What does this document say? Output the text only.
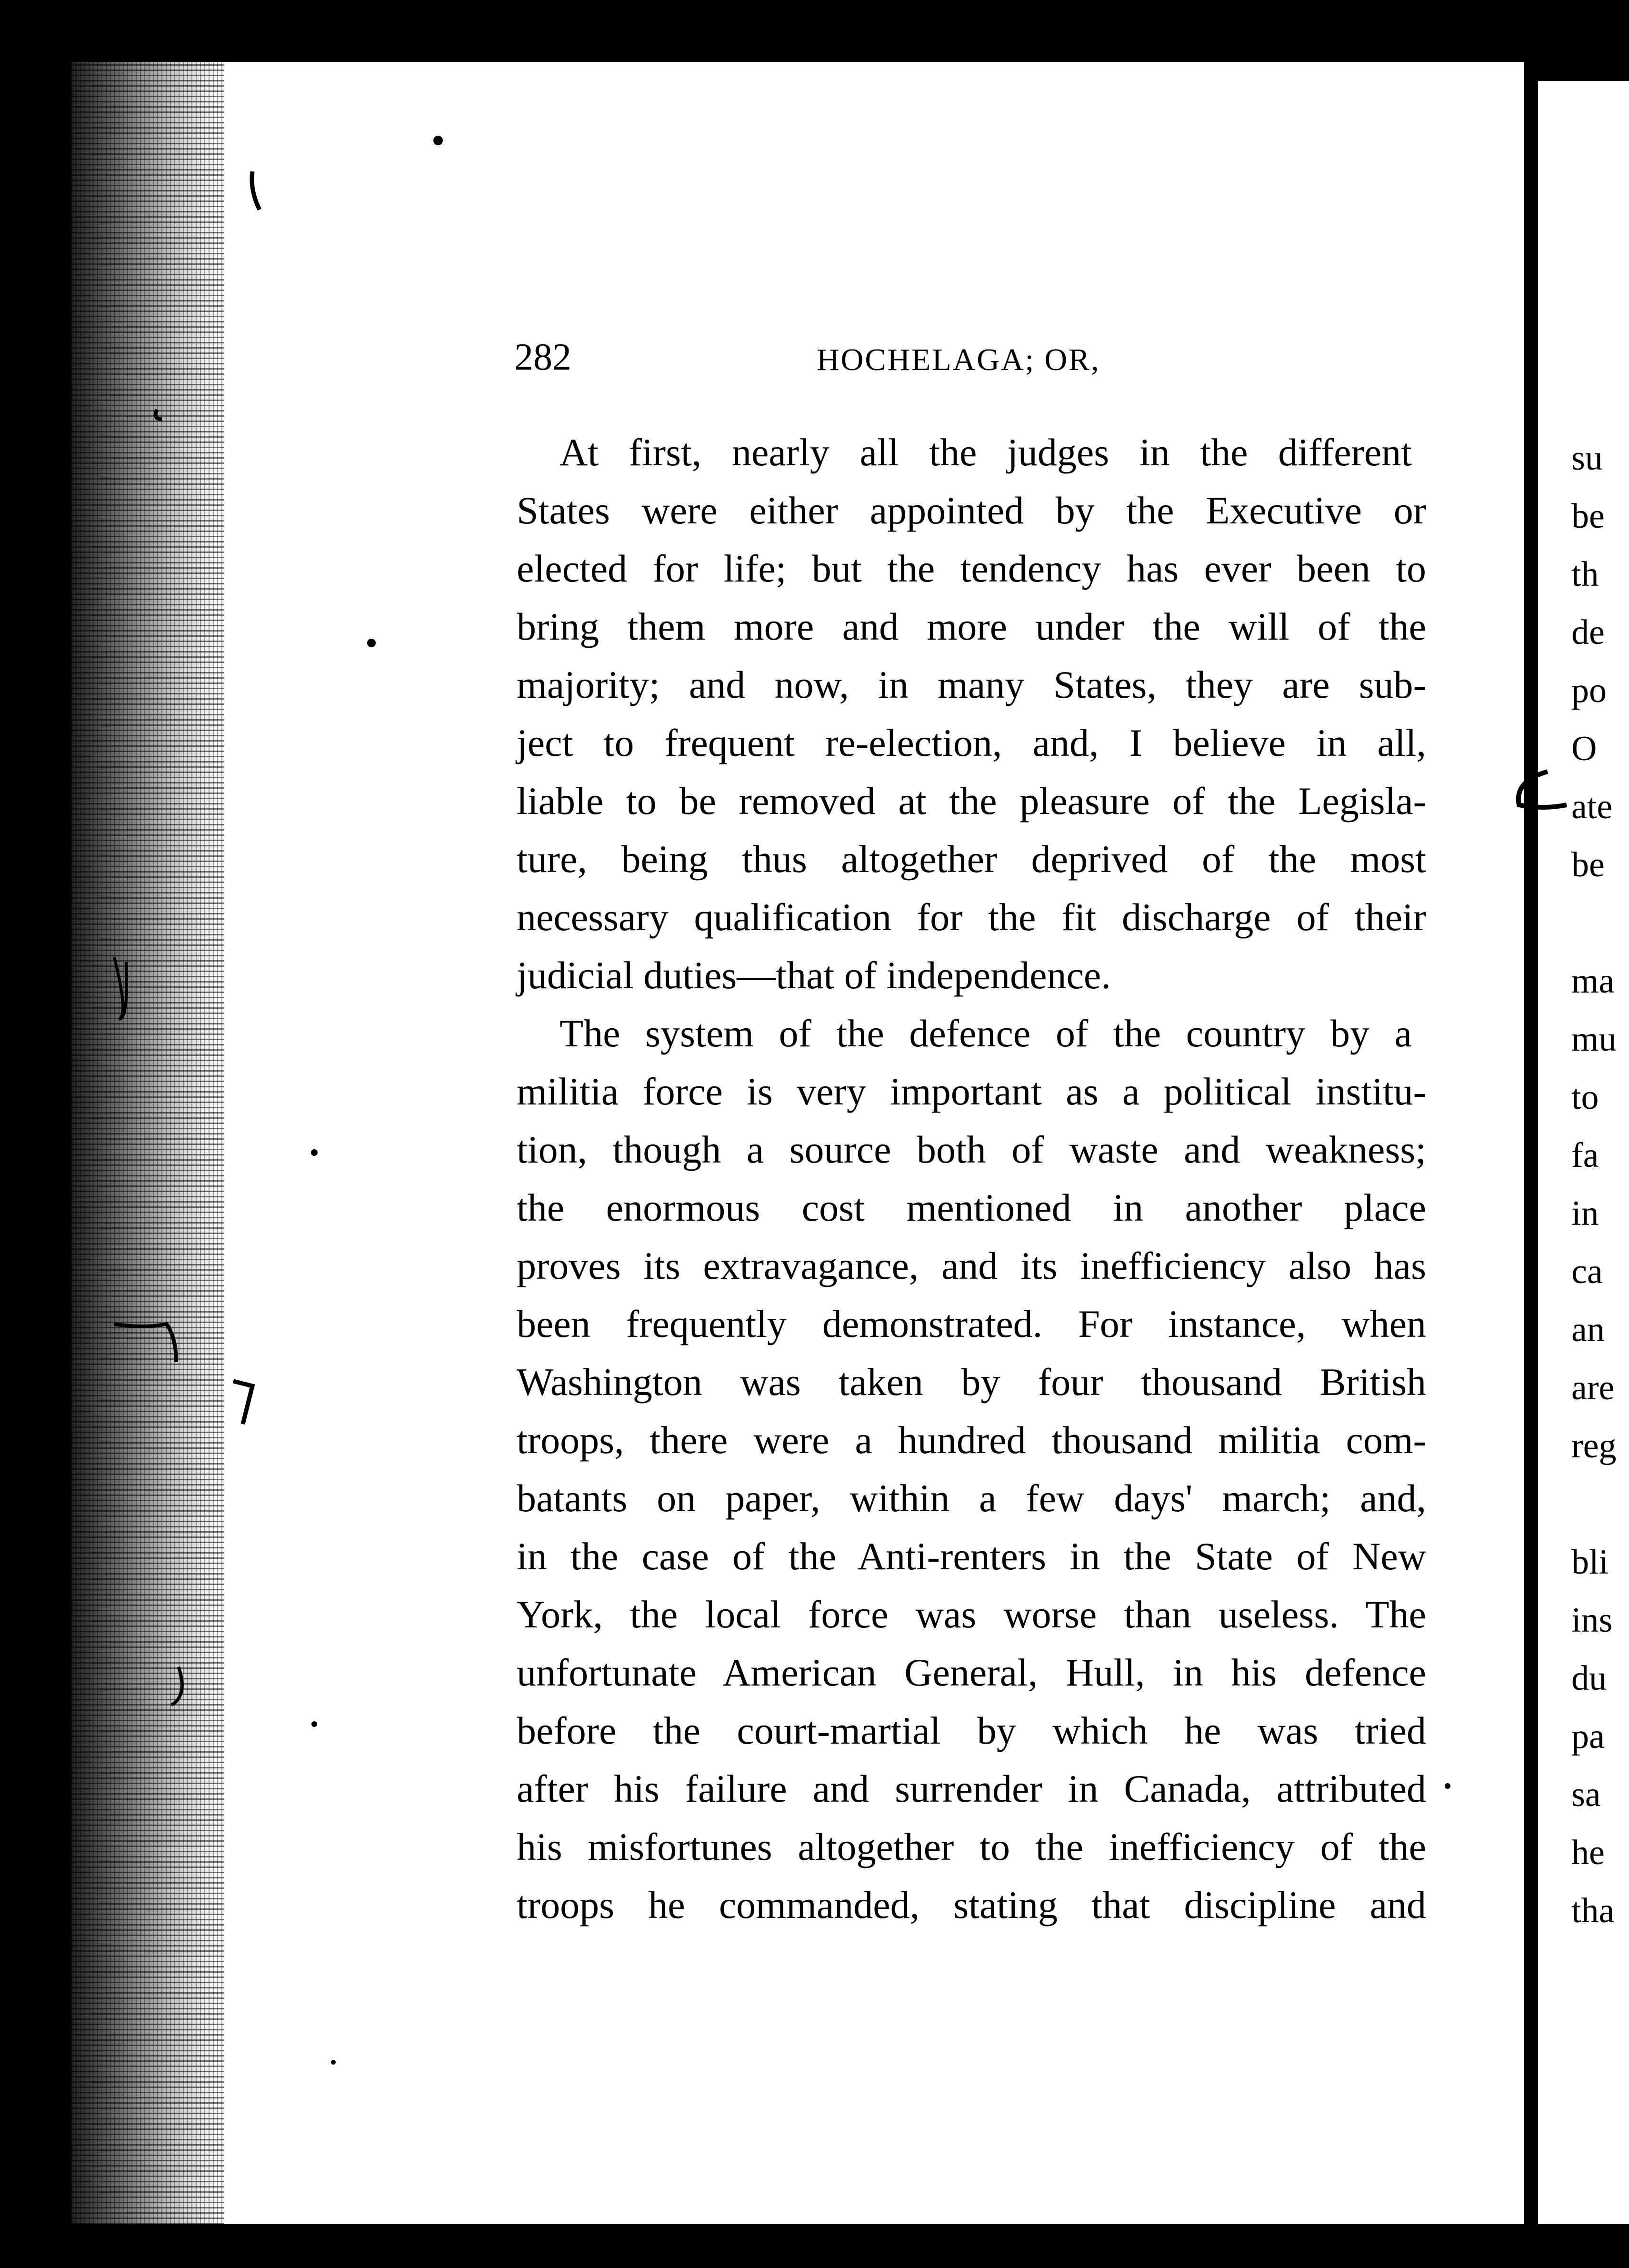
282	HOCHELAGA; OR,
At first, nearly all the judges in the different
States were either appointed by the Executive or
elected for life; but the tendency has ever been to
bring them more and more under the will of the
majority; and now, in many States, they are sub-
ject to frequent re-election, and, I believe in all,
liable to be removed at the pleasure of the Legisla-
ture, being thus altogether deprived of the most
necessary qualification for the fit discharge of their
judicial duties—that of independence.
The system of the defence of the country by a
militia force is very important as a political institu-
tion, though a source both of waste and weakness;
the enormous cost mentioned in another place
proves its extravagance, and its inefficiency also has
been frequently demonstrated. For instance, when
Washington was taken by four thousand British
troops, there were a hundred thousand militia com-
batants on paper, within a few days' march; and,
in the case of the Anti-renters in the State of New
York, the local force was worse than useless. The
unfortunate American General, Hull, in his defence
before the court-martial by which he was tried
after his failure and surrender in Canada, attributed
his misfortunes altogether to the inefficiency of the
troops he commanded, stating that discipline and
su
be
th
de
po
O
ate
be
ma
mu
to
fa
in
ca
an
are
reg
bli
ins
du
pa
sa
he
tha
